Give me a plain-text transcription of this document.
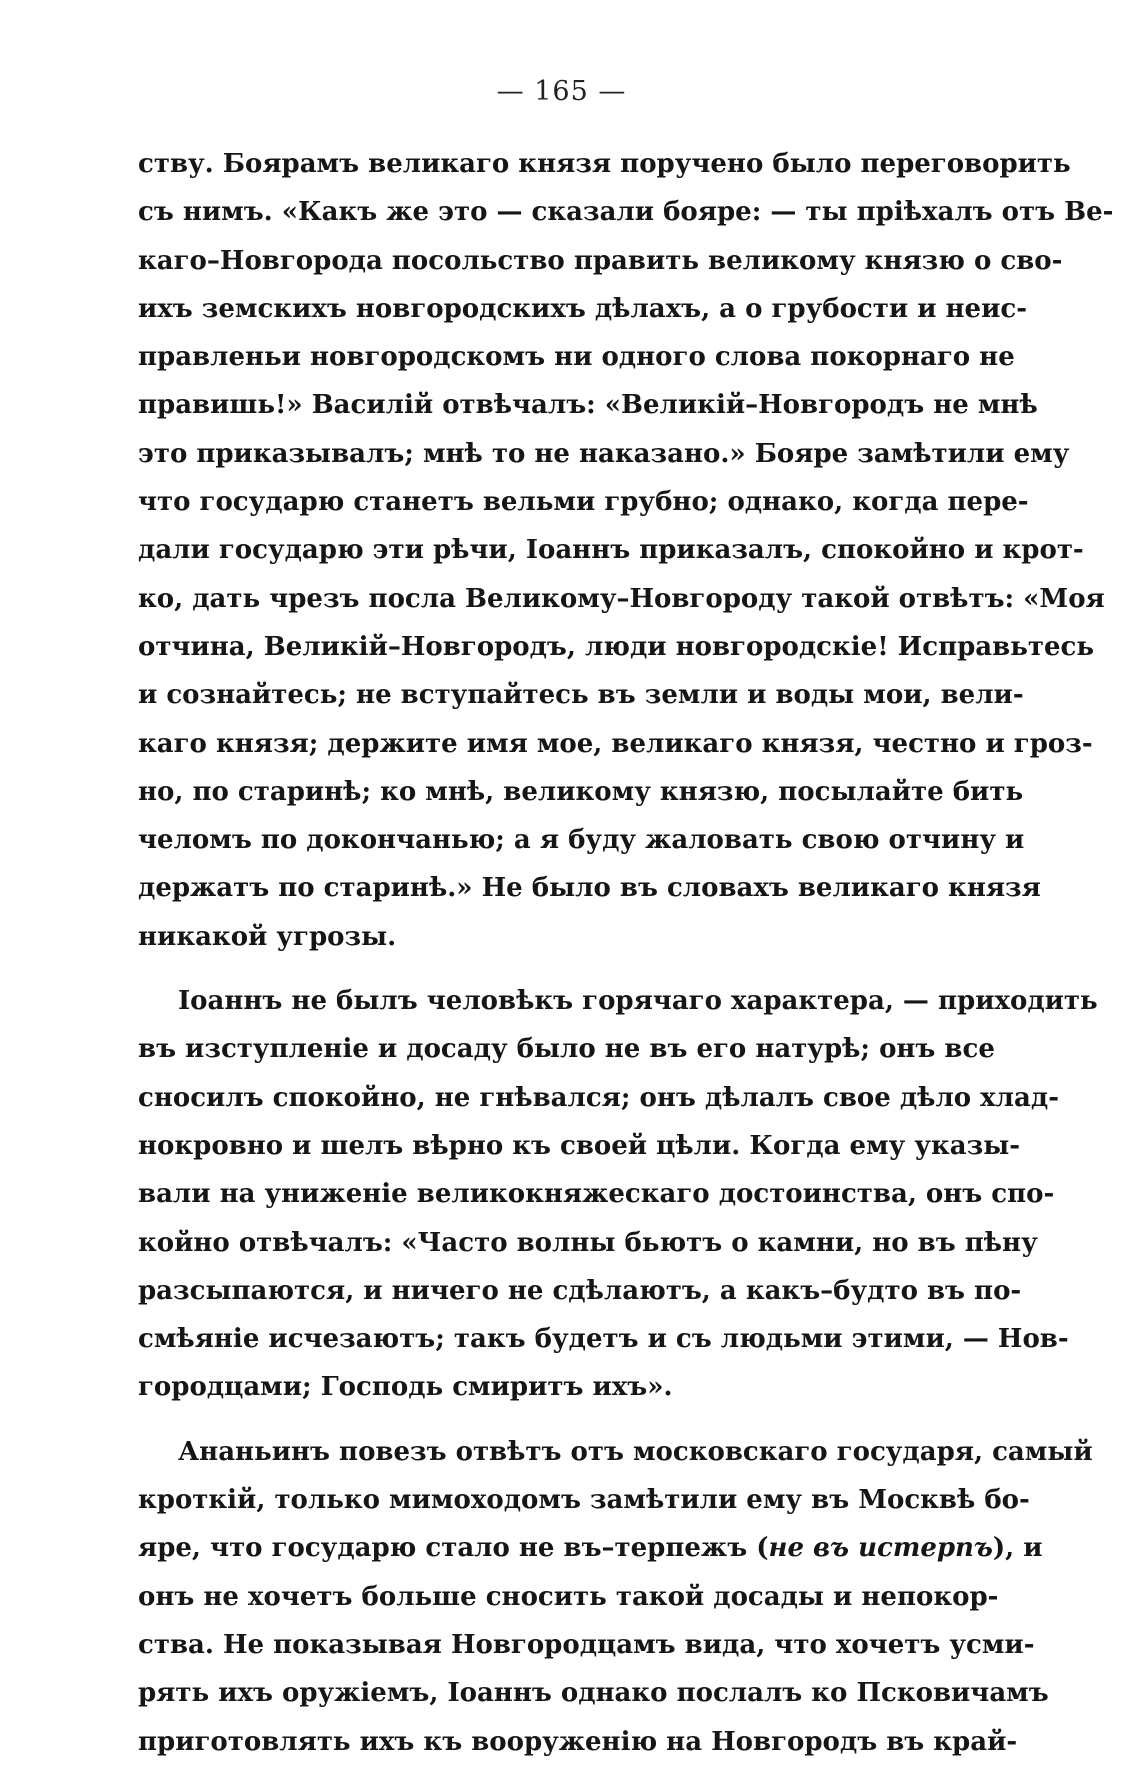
— 165 —
ству. Боярамъ великаго князя поручено было переговорить
съ нимъ. «Какъ же это — сказали бояре: — ты пріѣхалъ отъ Ве-
каго–Новгорода посольство править великому князю о сво-
ихъ земскихъ новгородскихъ дѣлахъ, а о грубости и неис-
правленьи новгородскомъ ни одного слова покорнаго не
правишь!» Василій отвѣчалъ: «Великій–Новгородъ не мнѣ
это приказывалъ; мнѣ то не наказано.» Бояре замѣтили ему
что государю станетъ вельми грубно; однако, когда пере-
дали государю эти рѣчи, Іоаннъ приказалъ, спокойно и крот-
ко, дать чрезъ посла Великому–Новгороду такой отвѣтъ: «Моя
отчина, Великій–Новгородъ, люди новгородскіе! Исправьтесь
и сознайтесь; не вступайтесь въ земли и воды мои, вели-
каго князя; держите имя мое, великаго князя, честно и гроз-
но, по старинѣ; ко мнѣ, великому князю, посылайте бить
челомъ по докончанью; а я буду жаловать свою отчину и
держатъ по старинѣ.» Не было въ словахъ великаго князя
никакой угрозы.
Іоаннъ не былъ человѣкъ горячаго характера, — приходить
въ изступленіе и досаду было не въ его натурѣ; онъ все
сносилъ спокойно, не гнѣвался; онъ дѣлалъ свое дѣло хлад-
нокровно и шелъ вѣрно къ своей цѣли. Когда ему указы-
вали на униженіе великокняжескаго достоинства, онъ спо-
койно отвѣчалъ: «Часто волны бьютъ о камни, но въ пѣну
разсыпаются, и ничего не сдѣлаютъ, а какъ–будто въ по-
смѣяніе исчезаютъ; такъ будетъ и съ людьми этими, — Нов-
городцами; Господь смиритъ ихъ».
Ананьинъ повезъ отвѣтъ отъ московскаго государя, самый
кроткій, только мимоходомъ замѣтили ему въ Москвѣ бо-
яре, что государю стало не въ–терпежъ (не въ истерпъ), и
онъ не хочетъ больше сносить такой досады и непокор-
ства. Не показывая Новгородцамъ вида, что хочетъ усми-
рять ихъ оружіемъ, Іоаннъ однако послалъ ко Псковичамъ
приготовлять ихъ къ вооруженію на Новгородъ въ край-
